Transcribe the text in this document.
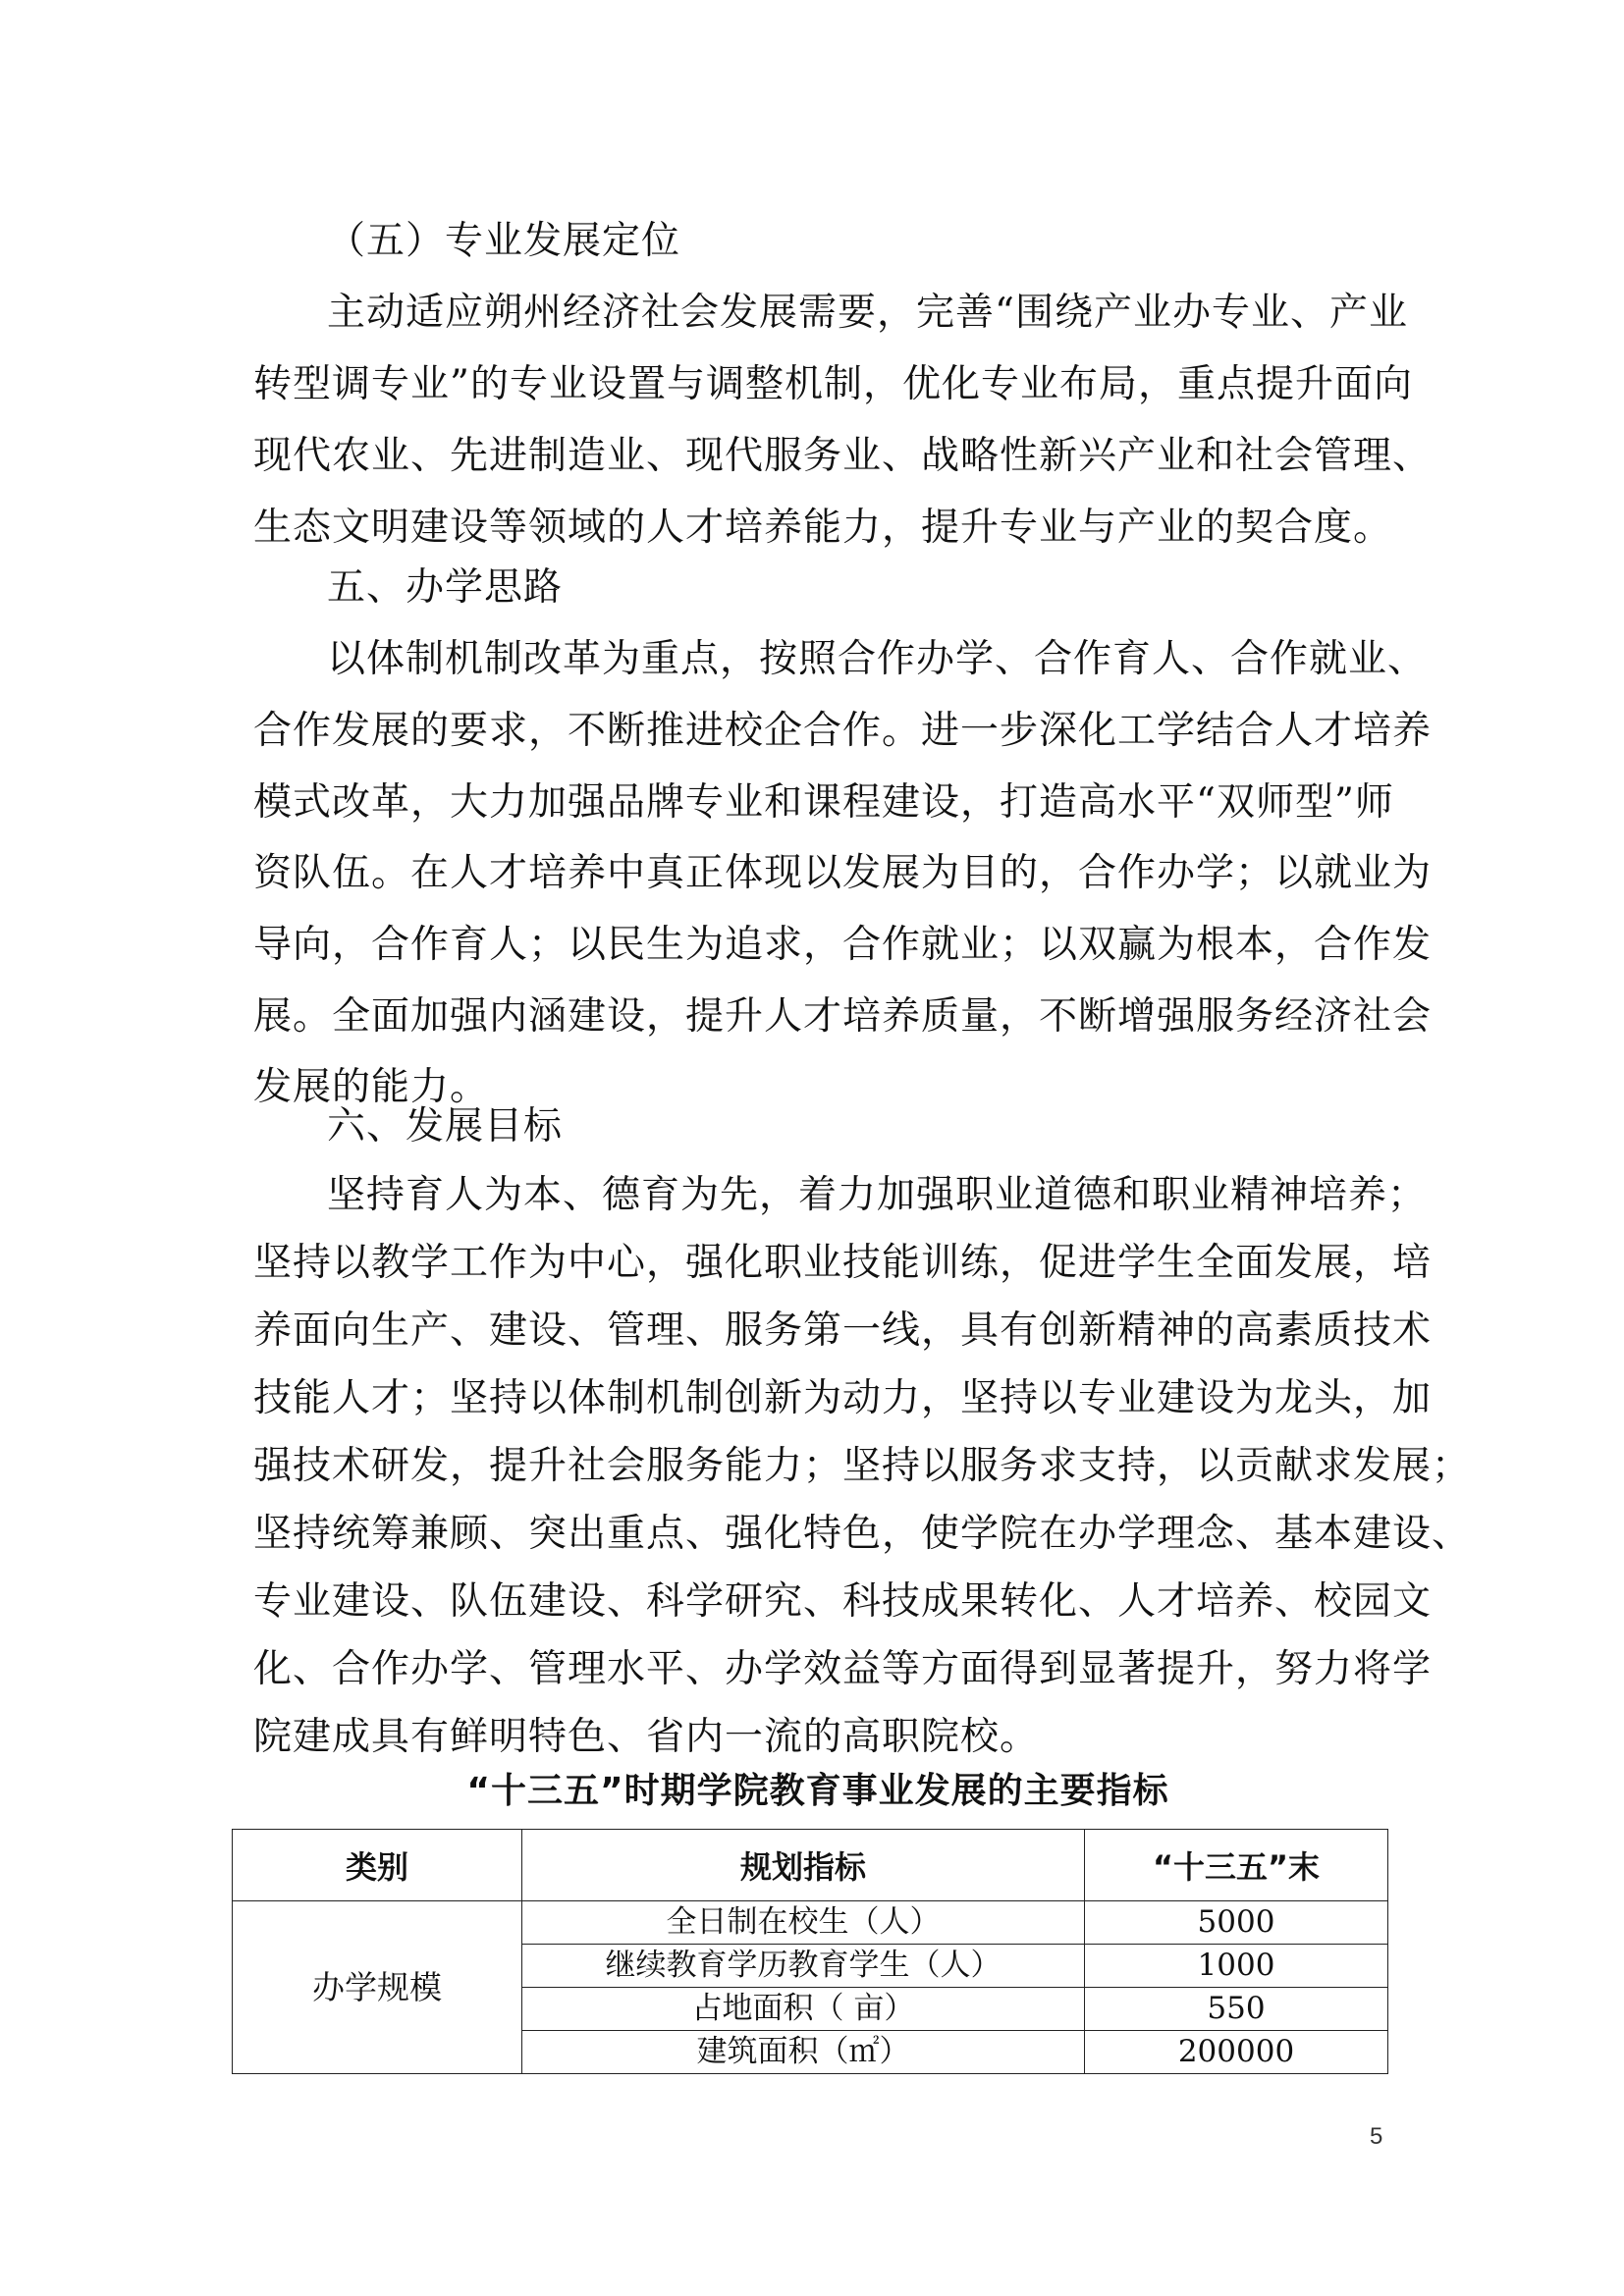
（五）专业发展定位
主动适应朔州经济社会发展需要，完善“围绕产业办专业、产业
转型调专业”的专业设置与调整机制，优化专业布局，重点提升面向
现代农业、先进制造业、现代服务业、战略性新兴产业和社会管理、
生态文明建设等领域的人才培养能力，提升专业与产业的契合度。
五、办学思路
以体制机制改革为重点，按照合作办学、合作育人、合作就业、
合作发展的要求，不断推进校企合作。进一步深化工学结合人才培养
模式改革，大力加强品牌专业和课程建设，打造高水平“双师型”师
资队伍。在人才培养中真正体现以发展为目的，合作办学；以就业为
导向，合作育人；以民生为追求，合作就业；以双赢为根本，合作发
展。全面加强内涵建设，提升人才培养质量，不断增强服务经济社会
发展的能力。
六、发展目标
坚持育人为本、德育为先，着力加强职业道德和职业精神培养；
坚持以教学工作为中心，强化职业技能训练，促进学生全面发展，培
养面向生产、建设、管理、服务第一线，具有创新精神的高素质技术
技能人才；坚持以体制机制创新为动力，坚持以专业建设为龙头，加
强技术研发，提升社会服务能力；坚持以服务求支持，以贡献求发展；
坚持统筹兼顾、突出重点、强化特色，使学院在办学理念、基本建设、
专业建设、队伍建设、科学研究、科技成果转化、人才培养、校园文
化、合作办学、管理水平、办学效益等方面得到显著提升，努力将学
院建成具有鲜明特色、省内一流的高职院校。
“十三五”时期学院教育事业发展的主要指标
类别	规划指标	“十三五”末
办学规模	全日制在校生（人）	5000
	继续教育学历教育学生（人）	1000
	占地面积（ 亩）	550
	建筑面积（㎡）	200000
5
